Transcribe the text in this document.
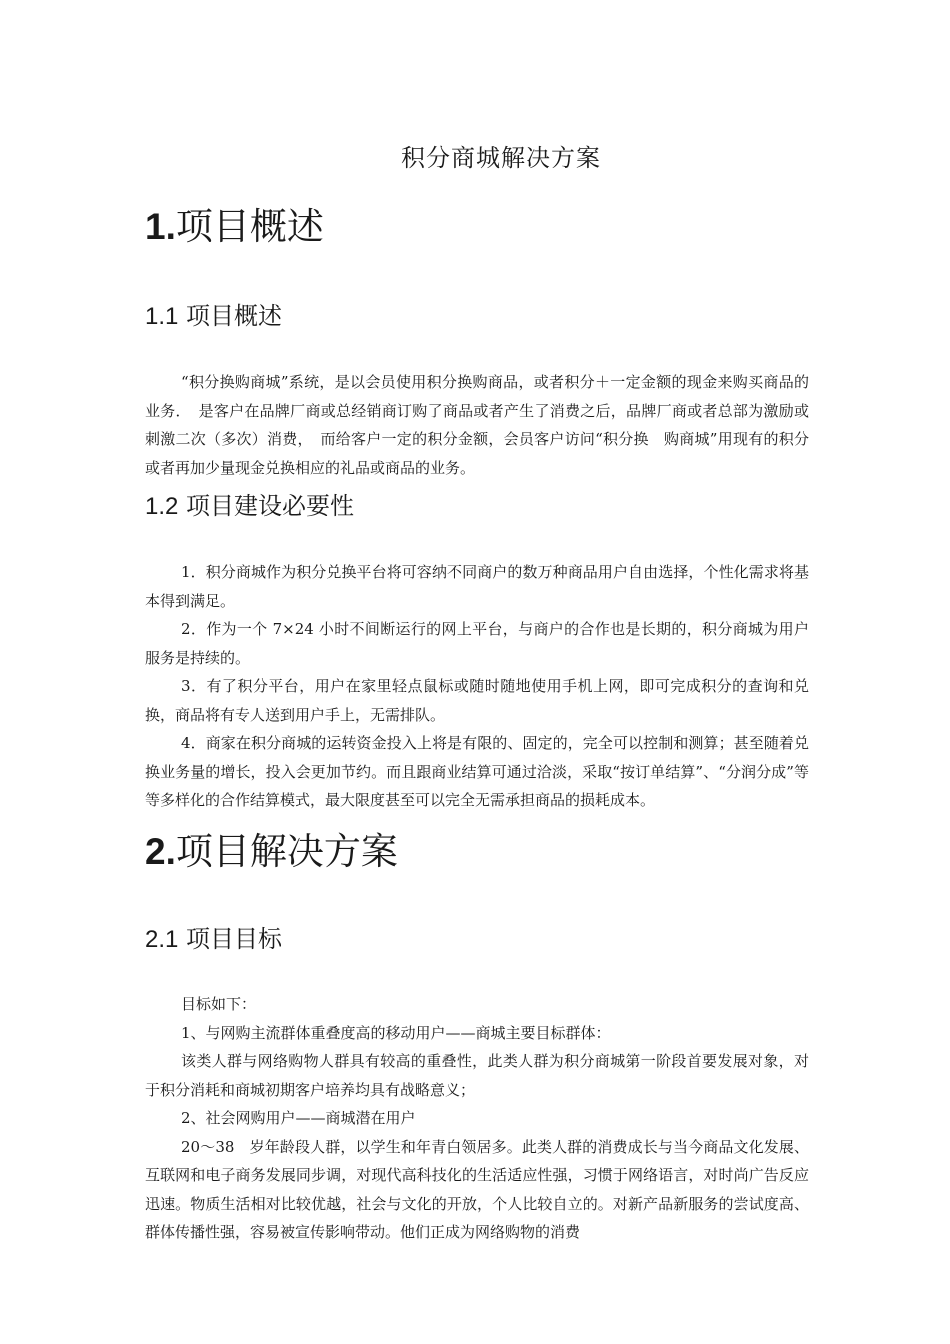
积分商城解决方案
1.项目概述
1.1 项目概述

“积分换购商城”系统，是以会员使用积分换购商品，或者积分＋一定金额的现金来购买商品的业务．　是客户在品牌厂商或总经销商订购了商品或者产生了消费之后，品牌厂商或者总部为激励或刺激二次（多次）消费，　而给客户一定的积分金额，会员客户访问“积分换　购商城”用现有的积分或者再加少量现金兑换相应的礼品或商品的业务。

1.2 项目建设必要性

1．积分商城作为积分兑换平台将可容纳不同商户的数万种商品用户自由选择，个性化需求将基本得到满足。

2．作为一个 7×24 小时不间断运行的网上平台，与商户的合作也是长期的，积分商城为用户服务是持续的。

3．有了积分平台，用户在家里轻点鼠标或随时随地使用手机上网，即可完成积分的查询和兑换，商品将有专人送到用户手上，无需排队。

4．商家在积分商城的运转资金投入上将是有限的、固定的，完全可以控制和测算；甚至随着兑换业务量的增长，投入会更加节约。而且跟商业结算可通过洽淡，采取“按订单结算”、“分润分成”等等多样化的合作结算模式，最大限度甚至可以完全无需承担商品的损耗成本。

2.项目解决方案
2.1 项目目标

目标如下：

1、与网购主流群体重叠度高的移动用户——商城主要目标群体：

该类人群与网络购物人群具有较高的重叠性，此类人群为积分商城第一阶段首要发展对象，对于积分消耗和商城初期客户培养均具有战略意义；

2、社会网购用户——商城潜在用户

20～38　岁年龄段人群，以学生和年青白领居多。此类人群的消费成长与当今商品文化发展、互联网和电子商务发展同步调，对现代高科技化的生活适应性强，习惯于网络语言，对时尚广告反应迅速。物质生活相对比较优越，社会与文化的开放，个人比较自立的。对新产品新服务的尝试度高、群体传播性强，容易被宣传影响带动。他们正成为网络购物的消费
